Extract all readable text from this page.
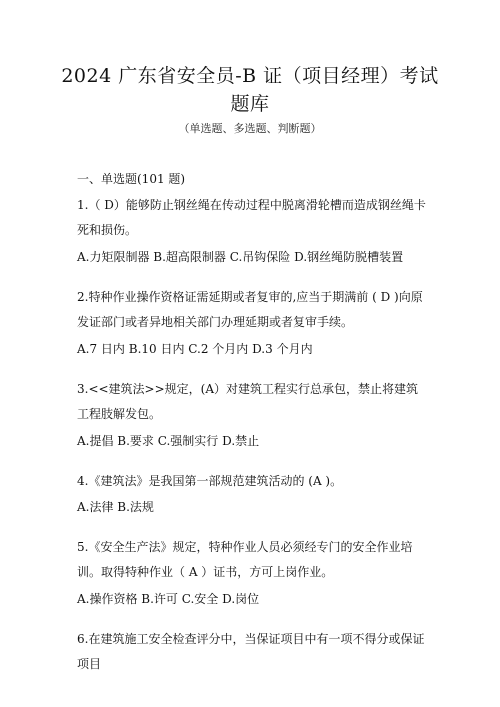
2024 广东省安全员-B 证（项目经理）考试
题库
（单选题、多选题、判断题）
一、单选题(101 题)
1.（ D）能够防止钢丝绳在传动过程中脱离滑轮槽而造成钢丝绳卡死和损伤。
A.力矩限制器 B.超高限制器 C.吊钩保险 D.钢丝绳防脱槽装置
2.特种作业操作资格证需延期或者复审的,应当于期满前 ( D )向原发证部门或者异地相关部门办理延期或者复审手续。
A.7 日内 B.10 日内 C.2 个月内 D.3 个月内
3.<<建筑法>>规定，(A）对建筑工程实行总承包，禁止将建筑工程肢解发包。
A.提倡 B.要求 C.强制实行 D.禁止
4.《建筑法》是我国第一部规范建筑活动的 (A )。
A.法律 B.法规
5.《安全生产法》规定，特种作业人员必须经专门的安全作业培训。取得特种作业（ A ）证书，方可上岗作业。
A.操作资格 B.许可 C.安全 D.岗位
6.在建筑施工安全检查评分中，当保证项目中有一项不得分或保证项目
